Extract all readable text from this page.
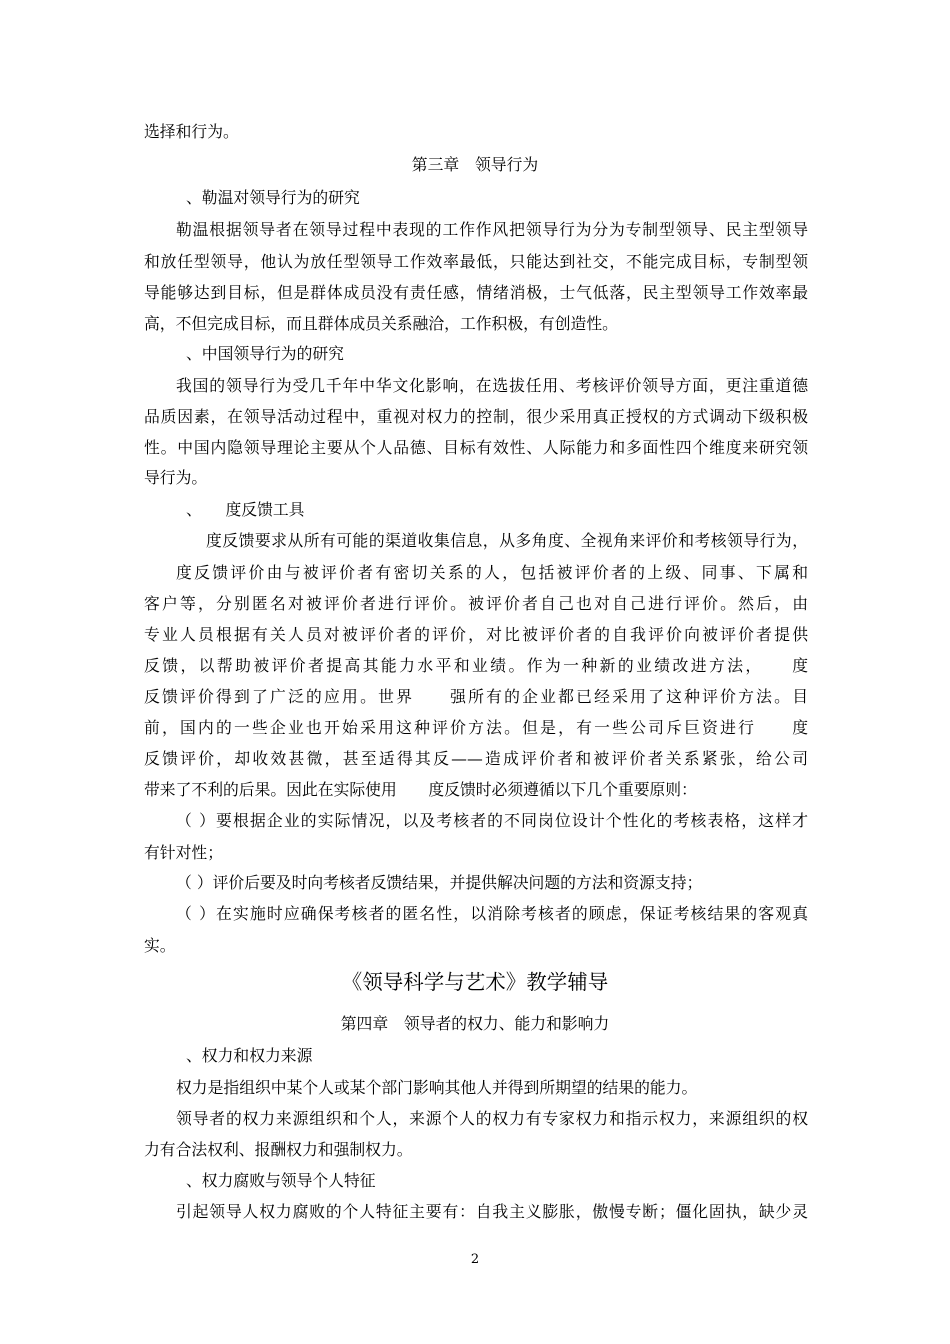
选择和行为。
第三章　领导行为
、勒温对领导行为的研究
勒温根据领导者在领导过程中表现的工作作风把领导行为分为专制型领导、民主型领导
和放任型领导，他认为放任型领导工作效率最低，只能达到社交，不能完成目标，专制型领
导能够达到目标，但是群体成员没有责任感，情绪消极，士气低落，民主型领导工作效率最
高，不但完成目标，而且群体成员关系融洽，工作积极，有创造性。
、中国领导行为的研究
我国的领导行为受几千年中华文化影响，在选拔任用、考核评价领导方面，更注重道德
品质因素，在领导活动过程中，重视对权力的控制，很少采用真正授权的方式调动下级积极
性。中国内隐领导理论主要从个人品德、目标有效性、人际能力和多面性四个维度来研究领
导行为。
、　　度反馈工具
度反馈要求从所有可能的渠道收集信息，从多角度、全视角来评价和考核领导行为，
度反馈评价由与被评价者有密切关系的人，包括被评价者的上级、同事、下属和
客户等，分别匿名对被评价者进行评价。被评价者自己也对自己进行评价。然后，由
专业人员根据有关人员对被评价者的评价，对比被评价者的自我评价向被评价者提供
反馈，以帮助被评价者提高其能力水平和业绩。作为一种新的业绩改进方法，　　度
反馈评价得到了广泛的应用。世界　　强所有的企业都已经采用了这种评价方法。目
前，国内的一些企业也开始采用这种评价方法。但是，有一些公司斥巨资进行　　度
反馈评价，却收效甚微，甚至适得其反——造成评价者和被评价者关系紧张，给公司
带来了不利的后果。因此在实际使用　　度反馈时必须遵循以下几个重要原则：
（ ）要根据企业的实际情况，以及考核者的不同岗位设计个性化的考核表格，这样才
有针对性；
（ ）评价后要及时向考核者反馈结果，并提供解决问题的方法和资源支持；
（ ）在实施时应确保考核者的匿名性，以消除考核者的顾虑，保证考核结果的客观真
实。
《领导科学与艺术》教学辅导
第四章　领导者的权力、能力和影响力
、权力和权力来源
权力是指组织中某个人或某个部门影响其他人并得到所期望的结果的能力。
领导者的权力来源组织和个人，来源个人的权力有专家权力和指示权力，来源组织的权
力有合法权利、报酬权力和强制权力。
、权力腐败与领导个人特征
引起领导人权力腐败的个人特征主要有：自我主义膨胀，傲慢专断；僵化固执，缺少灵
2
